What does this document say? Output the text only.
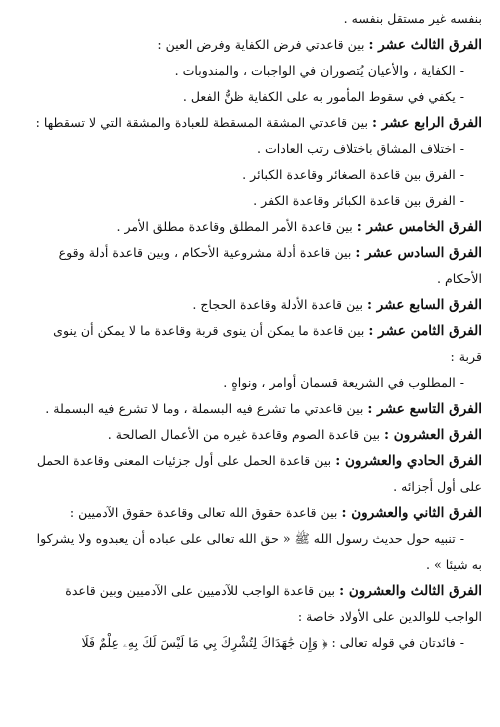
بنفسه غير مستقل بنفسه .
الفرق الثالث عشر : بين قاعدتي فرض الكفاية وفرض العين :
- الكفاية ، والأعيان يُتصوران في الواجبات ، والمندوبات .
- يكفي في سقوط المأمور به على الكفاية ظنُّ الفعل .
الفرق الرابع عشر : بين قاعدتي المشقة المسقطة للعبادة والمشقة التي لا تسقطها :
- اختلاف المشاق باختلاف رتب العادات .
- الفرق بين قاعدة الصغائر وقاعدة الكبائر .
- الفرق بين قاعدة الكبائر وقاعدة الكفر .
الفرق الخامس عشر : بين قاعدة الأمر المطلق وقاعدة مطلق الأمر .
الفرق السادس عشر : بين قاعدة أدلة مشروعية الأحكام ، وبين قاعدة أدلة وقوع
الأحكام .
الفرق السابع عشر : بين قاعدة الأدلة وقاعدة الحجاج .
الفرق الثامن عشر : بين قاعدة ما يمكن أن ينوى قربة وقاعدة ما لا يمكن أن ينوى
قربة :
- المطلوب في الشريعة قسمان أوامر ، ونواهٍ .
الفرق التاسع عشر : بين قاعدتي ما تشرع فيه البسملة ، وما لا تشرع فيه البسملة .
الفرق العشرون : بين قاعدة الصوم وقاعدة غيره من الأعمال الصالحة .
الفرق الحادي والعشرون : بين قاعدة الحمل على أول جزئيات المعنى وقاعدة الحمل
على أول أجزائه .
الفرق الثاني والعشرون : بين قاعدة حقوق الله تعالى وقاعدة حقوق الآدميين :
- تنبيه حول حديث رسول الله ﷺ « حق الله تعالى على عباده أن يعبدوه ولا يشركوا
به شيئا » .
الفرق الثالث والعشرون : بين قاعدة الواجب للآدميين على الآدميين وبين قاعدة
الواجب للوالدين على الأولاد خاصة :
- فائدتان في قوله تعالى : ﴿ وَإِن جَٰهَدَاكَ لِتُشْرِكَ بِي مَا لَيْسَ لَكَ بِهِۦ عِلْمٌ فَلَا
